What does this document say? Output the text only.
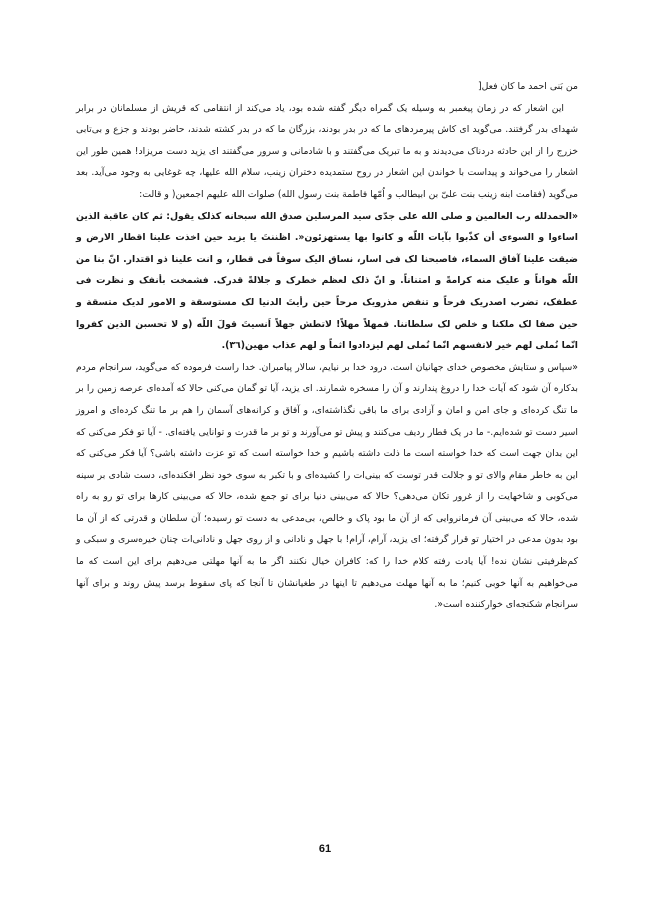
من بَنی احمد ما کان فعل[

این اشعار که در زمان پیغمبر به وسیله یک گمراه دیگر گفته شده بود، یاد می‌کند از انتقامی که قریش از مسلمانان در برابر شهدای بدر گرفتند. می‌گوید ای کاش پیرمردهای ما که در بدر بودند، بزرگان ما که در بدر کشته شدند، حاضر بودند و جزع و بی‌تابی خزرج را از این حادثه دردناک می‌دیدند و به ما تبریک می‌گفتند و با شادمانی و سرور می‌گفتند ای یزید دست مریزاد! همین طور این اشعار را می‌خواند و پیداست با خواندن این اشعار در روح ستمدیده دختران زینب، سلام الله علیها، چه غوغایی به وجود می‌آید. بعد می‌گوید (فقامت ابنه زینب بنت علیّ بن ابیطالب و اُمّها فاطمة بنت رسول الله) صلوات الله علیهم اجمعین( و قالت:

«الحمدلله رب العالمین و صلی الله علی جدّی سید المرسلین صدق الله سبحانه کذلک یقول: ثم کان عاقبة الذین اساءوا و السوءی أن کذّبوا بآیات اللّه و کانوا بها یستهزئون«. اظننتَ یا یزید حین اخذت علینا اقطار الارض و ضیقت علینا آفاق السماء، فاصبحنا لک فی اسار، نساق الیک سوقاً فی قطار، و انت علینا ذو اقتدار. انّ بنا من اللّه هواناً و علیک منه کرامةً و امتناناً. و انّ ذلک لعظم خطرک و جلالةً قدرک. فشمخت بأنفک و نظرت فی عطفک، تضرب اصدریک فرحاً و تنفض مذرویک مرحاً حین رأیتَ الدنیا لک مستوسقة و الامور لدیک متسقة و حین صفا لک ملکنا و خلص لک سلطاننا. فمهلاً مهلاً! لاتطش جهلاً اَنسیتَ قولَ اللّه (و لا تحسبن الذین کفروا انّما نُملی لهم خیر لانفسهم انّما نُملی لهم لیزدادوا اثماً و لهم عذاب مهین(٣٦).

«سپاس و ستایش مخصوص خدای جهانیان است. درود خدا بر نیایم، سالار پیامبران. خدا راست فرموده که می‌گوید، سرانجام مردم بدکاره آن شود که آیات خدا را دروغ پندارند و آن را مسخره شمارند. ای یزید، آیا تو گمان می‌کنی حالا که آمده‌ای عرصه زمین را بر ما تنگ کرده‌ای و جای امن و امان و آزادی برای ما باقی نگذاشته‌ای، و آفاق و کرانه‌های آسمان را هم بر ما تنگ کرده‌ای و امروز اسیر دست تو شده‌ایم.- ما در یک قطار ردیف می‌کنند و پیش تو می‌آورند و تو بر ما قدرت و توانایی یافته‌ای. - آیا تو فکر می‌کنی که این بدان جهت است که خدا خواسته است ما ذلت داشته باشیم و خدا خواسته است که تو عزت داشته باشی؟ آیا فکر می‌کنی که این به خاطر مقام والای تو و جلالت قدر توست که بینی‌ات را کشیده‌ای و با تکبر به سوی خود نظر افکنده‌ای، دست شادی بر سینه می‌کوبی و شاخهایت را از غرور تکان می‌دهی؟ حالا که می‌بینی دنیا برای تو جمع شده، حالا که می‌بینی کارها برای تو رو به راه شده، حالا که می‌بینی آن فرمانروایی که از آن ما بود پاک و خالص، بی‌مدعی به دست تو رسیده؛ آن سلطان و قدرتی که از آن ما بود بدون مدعی در اختیار تو قرار گرفته؛ ای یزید، آرام، آرام! با جهل و نادانی و از روی جهل و نادانی‌ات چنان خیره‌سری و سبکی و کم‌ظرفیتی نشان نده! آیا یادت رفته کلام خدا را که: کافران خیال نکنند اگر ما به آنها مهلتی می‌دهیم برای این است که ما می‌خواهیم به آنها خوبی کنیم؛ ما به آنها مهلت می‌دهیم تا اینها در طغیانشان تا آنجا که پای سقوط برسد پیش روند و برای آنها سرانجام شکنجه‌ای خوارکننده است«.

61
